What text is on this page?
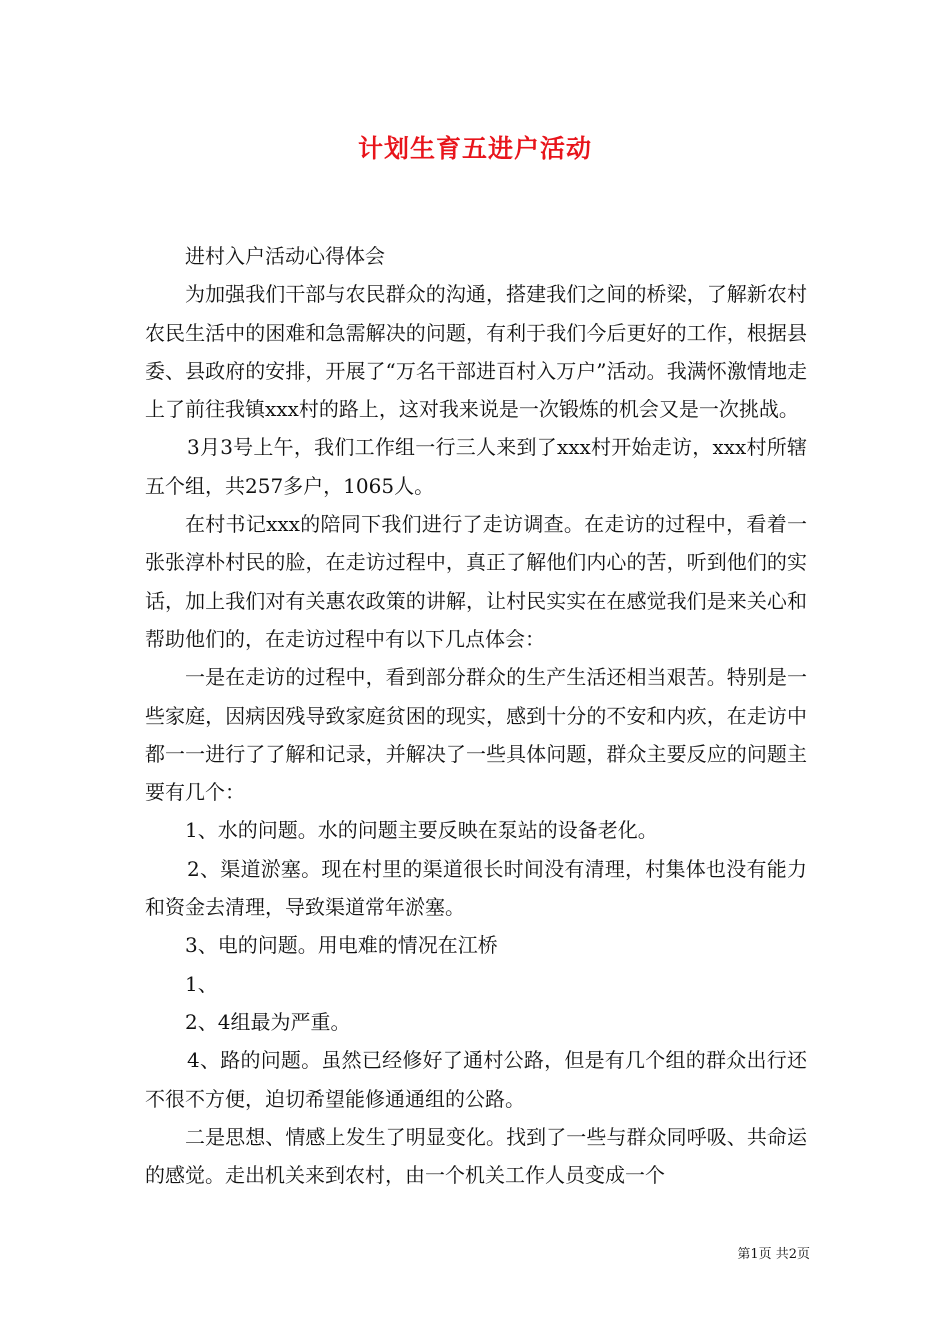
计划生育五进户活动

进村入户活动心得体会

为加强我们干部与农民群众的沟通，搭建我们之间的桥梁，了解新农村农民生活中的困难和急需解决的问题，有利于我们今后更好的工作，根据县委、县政府的安排，开展了“万名干部进百村入万户”活动。我满怀激情地走上了前往我镇xxx村的路上，这对我来说是一次锻炼的机会又是一次挑战。

3月3号上午，我们工作组一行三人来到了xxx村开始走访，xxx村所辖五个组，共257多户，1065人。

在村书记xxx的陪同下我们进行了走访调查。在走访的过程中，看着一张张淳朴村民的脸，在走访过程中，真正了解他们内心的苦，听到他们的实话，加上我们对有关惠农政策的讲解，让村民实实在在感觉我们是来关心和帮助他们的，在走访过程中有以下几点体会：

一是在走访的过程中，看到部分群众的生产生活还相当艰苦。特别是一些家庭，因病因残导致家庭贫困的现实，感到十分的不安和内疚，在走访中都一一进行了了解和记录，并解决了一些具体问题，群众主要反应的问题主要有几个：

1、水的问题。水的问题主要反映在泵站的设备老化。

2、渠道淤塞。现在村里的渠道很长时间没有清理，村集体也没有能力和资金去清理，导致渠道常年淤塞。

3、电的问题。用电难的情况在江桥

1、

2、4组最为严重。

4、路的问题。虽然已经修好了通村公路，但是有几个组的群众出行还不很不方便，迫切希望能修通通组的公路。

二是思想、情感上发生了明显变化。找到了一些与群众同呼吸、共命运的感觉。走出机关来到农村，由一个机关工作人员变成一个

第1页 共2页
